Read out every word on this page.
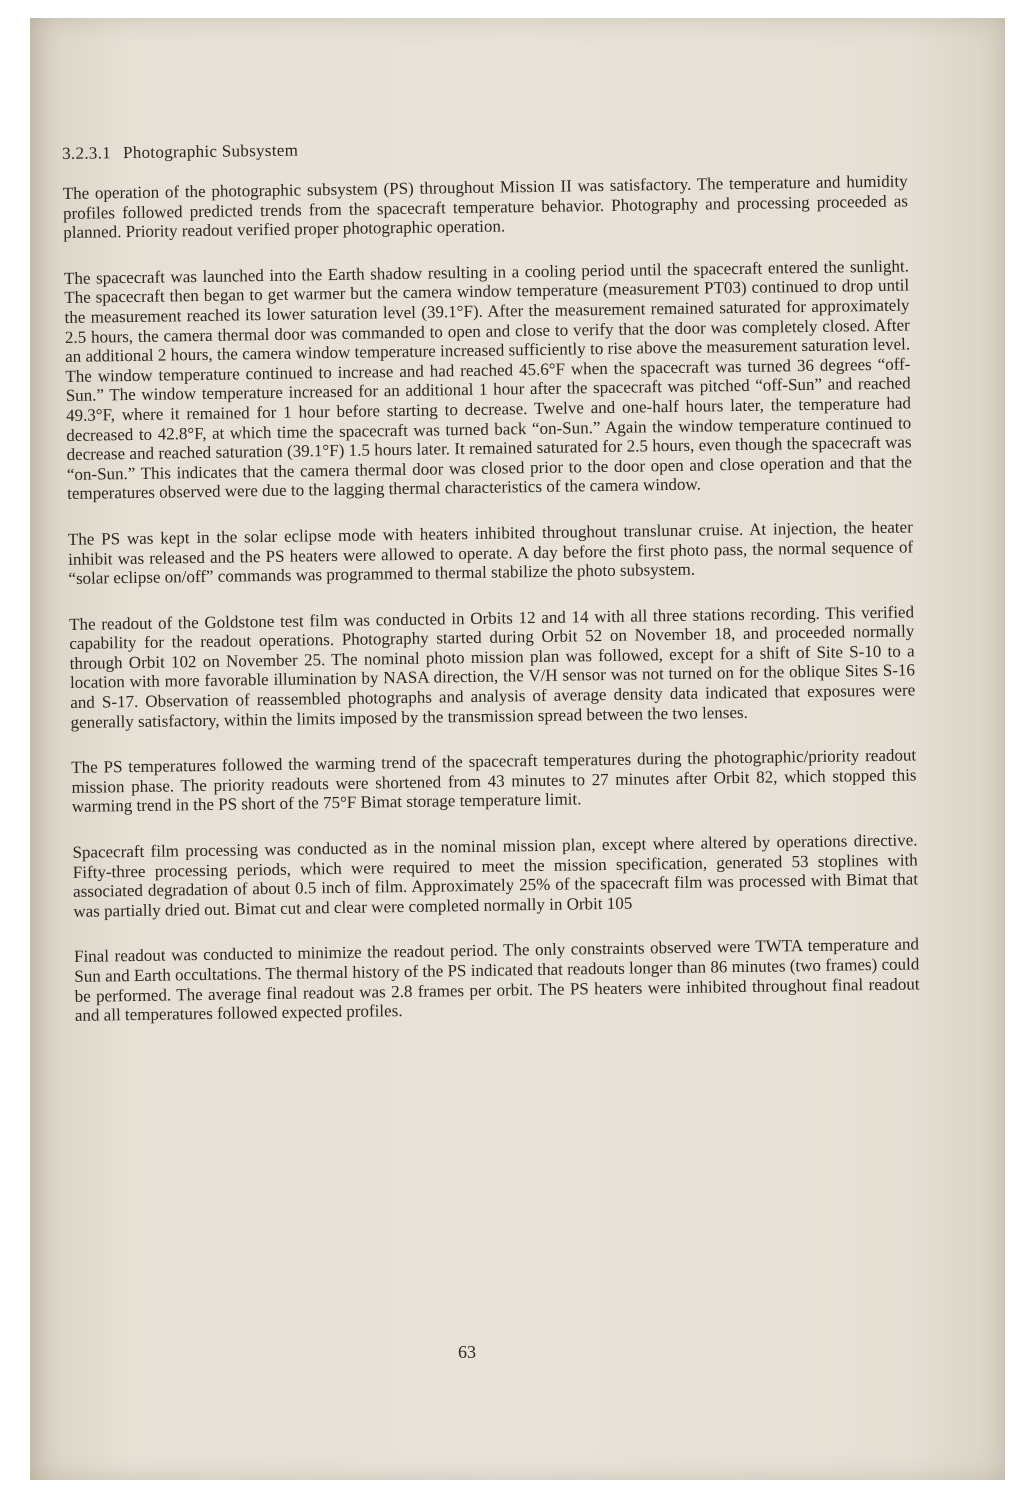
3.2.3.1 Photographic Subsystem

The operation of the photographic subsystem (PS) throughout Mission II was satisfactory. The temperature and humidity profiles followed predicted trends from the spacecraft temperature behavior. Photography and processing proceeded as planned. Priority readout verified proper photographic operation.

The spacecraft was launched into the Earth shadow resulting in a cooling period until the spacecraft entered the sunlight. The spacecraft then began to get warmer but the camera window temperature (measurement PT03) continued to drop until the measurement reached its lower saturation level (39.1°F). After the measurement remained saturated for approximately 2.5 hours, the camera thermal door was commanded to open and close to verify that the door was completely closed. After an additional 2 hours, the camera window temperature increased sufficiently to rise above the measurement saturation level. The window temperature continued to increase and had reached 45.6°F when the spacecraft was turned 36 degrees “off-Sun.” The window temperature increased for an additional 1 hour after the spacecraft was pitched “off-Sun” and reached 49.3°F, where it remained for 1 hour before starting to decrease. Twelve and one-half hours later, the temperature had decreased to 42.8°F, at which time the spacecraft was turned back “on-Sun.” Again the window temperature continued to decrease and reached saturation (39.1°F) 1.5 hours later. It remained saturated for 2.5 hours, even though the spacecraft was “on-Sun.” This indicates that the camera thermal door was closed prior to the door open and close operation and that the temperatures observed were due to the lagging thermal characteristics of the camera window.

The PS was kept in the solar eclipse mode with heaters inhibited throughout translunar cruise. At injection, the heater inhibit was released and the PS heaters were allowed to operate. A day before the first photo pass, the normal sequence of “solar eclipse on/off” commands was programmed to thermal stabilize the photo subsystem.

The readout of the Goldstone test film was conducted in Orbits 12 and 14 with all three stations recording. This verified capability for the readout operations. Photography started during Orbit 52 on November 18, and proceeded normally through Orbit 102 on November 25. The nominal photo mission plan was followed, except for a shift of Site S-10 to a location with more favorable illumination by NASA direction, the V/H sensor was not turned on for the oblique Sites S-16 and S-17. Observation of reassembled photographs and analysis of average density data indicated that exposures were generally satisfactory, within the limits imposed by the transmission spread between the two lenses.

The PS temperatures followed the warming trend of the spacecraft temperatures during the photographic/priority readout mission phase. The priority readouts were shortened from 43 minutes to 27 minutes after Orbit 82, which stopped this warming trend in the PS short of the 75°F Bimat storage temperature limit.

Spacecraft film processing was conducted as in the nominal mission plan, except where altered by operations directive. Fifty-three processing periods, which were required to meet the mission specification, generated 53 stoplines with associated degradation of about 0.5 inch of film. Approximately 25% of the spacecraft film was processed with Bimat that was partially dried out. Bimat cut and clear were completed normally in Orbit 105

Final readout was conducted to minimize the readout period. The only constraints observed were TWTA temperature and Sun and Earth occultations. The thermal history of the PS indicated that readouts longer than 86 minutes (two frames) could be performed. The average final readout was 2.8 frames per orbit. The PS heaters were inhibited throughout final readout and all temperatures followed expected profiles.

63
